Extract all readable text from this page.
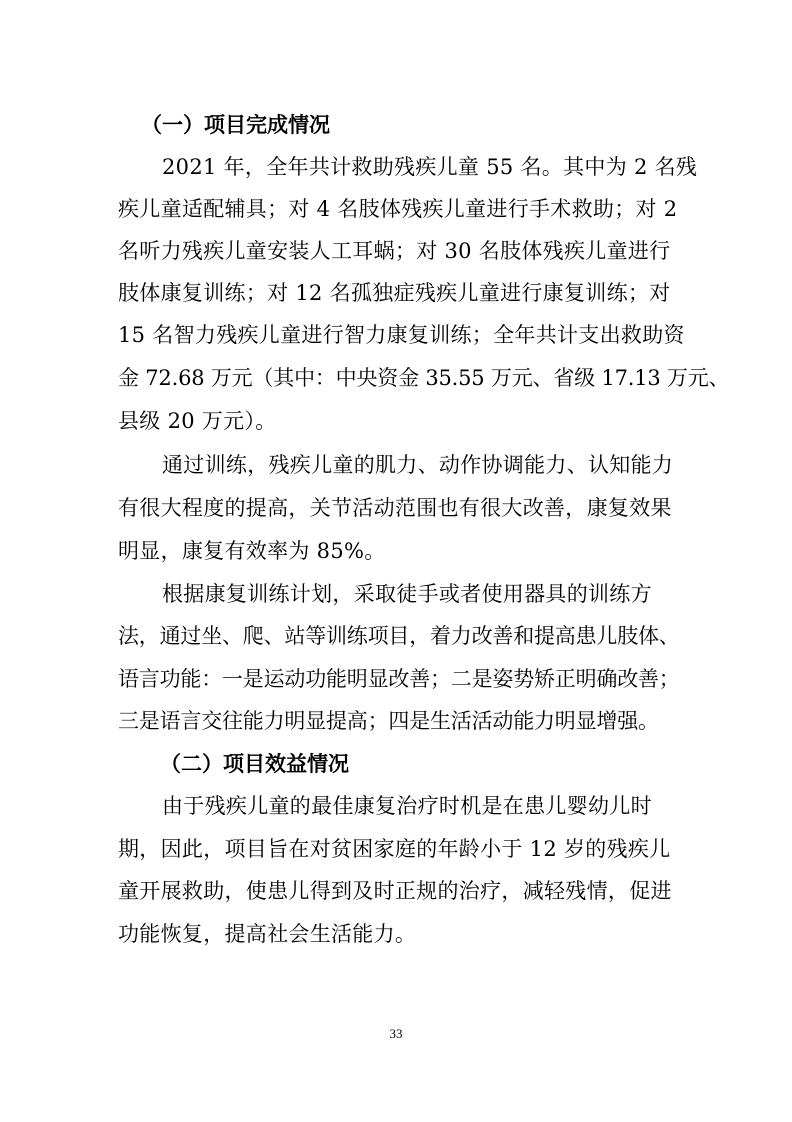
（一）项目完成情况
2021 年，全年共计救助残疾儿童 55 名。其中为 2 名残
疾儿童适配辅具；对 4 名肢体残疾儿童进行手术救助；对 2
名听力残疾儿童安装人工耳蜗；对 30 名肢体残疾儿童进行
肢体康复训练；对 12 名孤独症残疾儿童进行康复训练；对
15 名智力残疾儿童进行智力康复训练；全年共计支出救助资
金 72.68 万元（其中：中央资金 35.55 万元、省级 17.13 万元、
县级 20 万元）。
通过训练，残疾儿童的肌力、动作协调能力、认知能力
有很大程度的提高，关节活动范围也有很大改善，康复效果
明显，康复有效率为 85%。
根据康复训练计划，采取徒手或者使用器具的训练方
法，通过坐、爬、站等训练项目，着力改善和提高患儿肢体、
语言功能：一是运动功能明显改善；二是姿势矫正明确改善；
三是语言交往能力明显提高；四是生活活动能力明显增强。
（二）项目效益情况
由于残疾儿童的最佳康复治疗时机是在患儿婴幼儿时
期，因此，项目旨在对贫困家庭的年龄小于 12 岁的残疾儿
童开展救助，使患儿得到及时正规的治疗，减轻残情，促进
功能恢复，提高社会生活能力。
33
